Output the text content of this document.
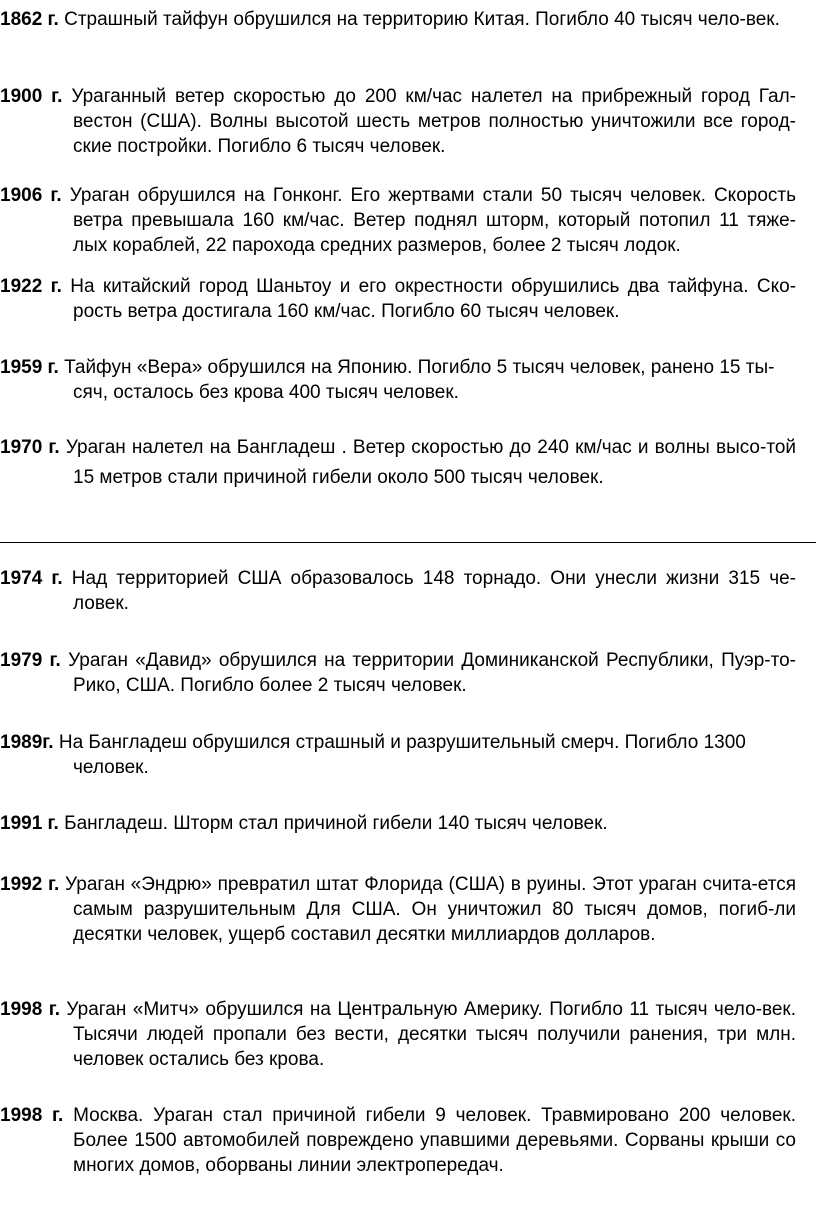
1862 г. Страшный тайфун обрушился на территорию Китая. Погибло 40 тысяч чело-век.

1900 г. Ураганный ветер скоростью до 200 км/час налетел на прибрежный город Гал-вестон (США). Волны высотой шесть метров полностью уничтожили все город-ские постройки. Погибло 6 тысяч человек.

1906 г. Ураган обрушился на Гонконг. Его жертвами стали 50 тысяч человек. Скорость ветра превышала 160 км/час. Ветер поднял шторм, который потопил 11 тяже-лых кораблей, 22 парохода средних размеров, более 2 тысяч лодок.

1922 г. На китайский город Шаньтоу и его окрестности обрушились два тайфуна. Ско-рость ветра достигала 160 км/час. Погибло 60 тысяч человек.

1959 г. Тайфун «Вера» обрушился на Японию. Погибло 5 тысяч человек, ранено 15 ты-сяч, осталось без крова 400 тысяч человек.

1970 г. Ураган налетел на Бангладеш . Ветер скоростью до 240 км/час и волны высо-той 15 метров стали причиной гибели около 500 тысяч человек.

1974 г. Над территорией США образовалось 148 торнадо. Они унесли жизни 315 че-ловек.

1979 г. Ураган «Давид» обрушился на территории Доминиканской Республики, Пуэр-то-Рико, США. Погибло более 2 тысяч человек.

1989г. На Бангладеш обрушился страшный и разрушительный смерч. Погибло 1300 человек.

1991 г. Бангладеш. Шторм стал причиной гибели 140 тысяч человек.

1992 г. Ураган «Эндрю» превратил штат Флорида (США) в руины. Этот ураган счита-ется самым разрушительным Для США. Он уничтожил 80 тысяч домов, погиб-ли десятки человек, ущерб составил десятки миллиардов долларов.

1998 г. Ураган «Митч» обрушился на Центральную Америку. Погибло 11 тысяч чело-век. Тысячи людей пропали без вести, десятки тысяч получили ранения, три млн. человек остались без крова.

1998 г. Москва. Ураган стал причиной гибели 9 человек. Травмировано 200 человек. Более 1500 автомобилей повреждено упавшими деревьями. Сорваны крыши со многих домов, оборваны линии электропередач.
